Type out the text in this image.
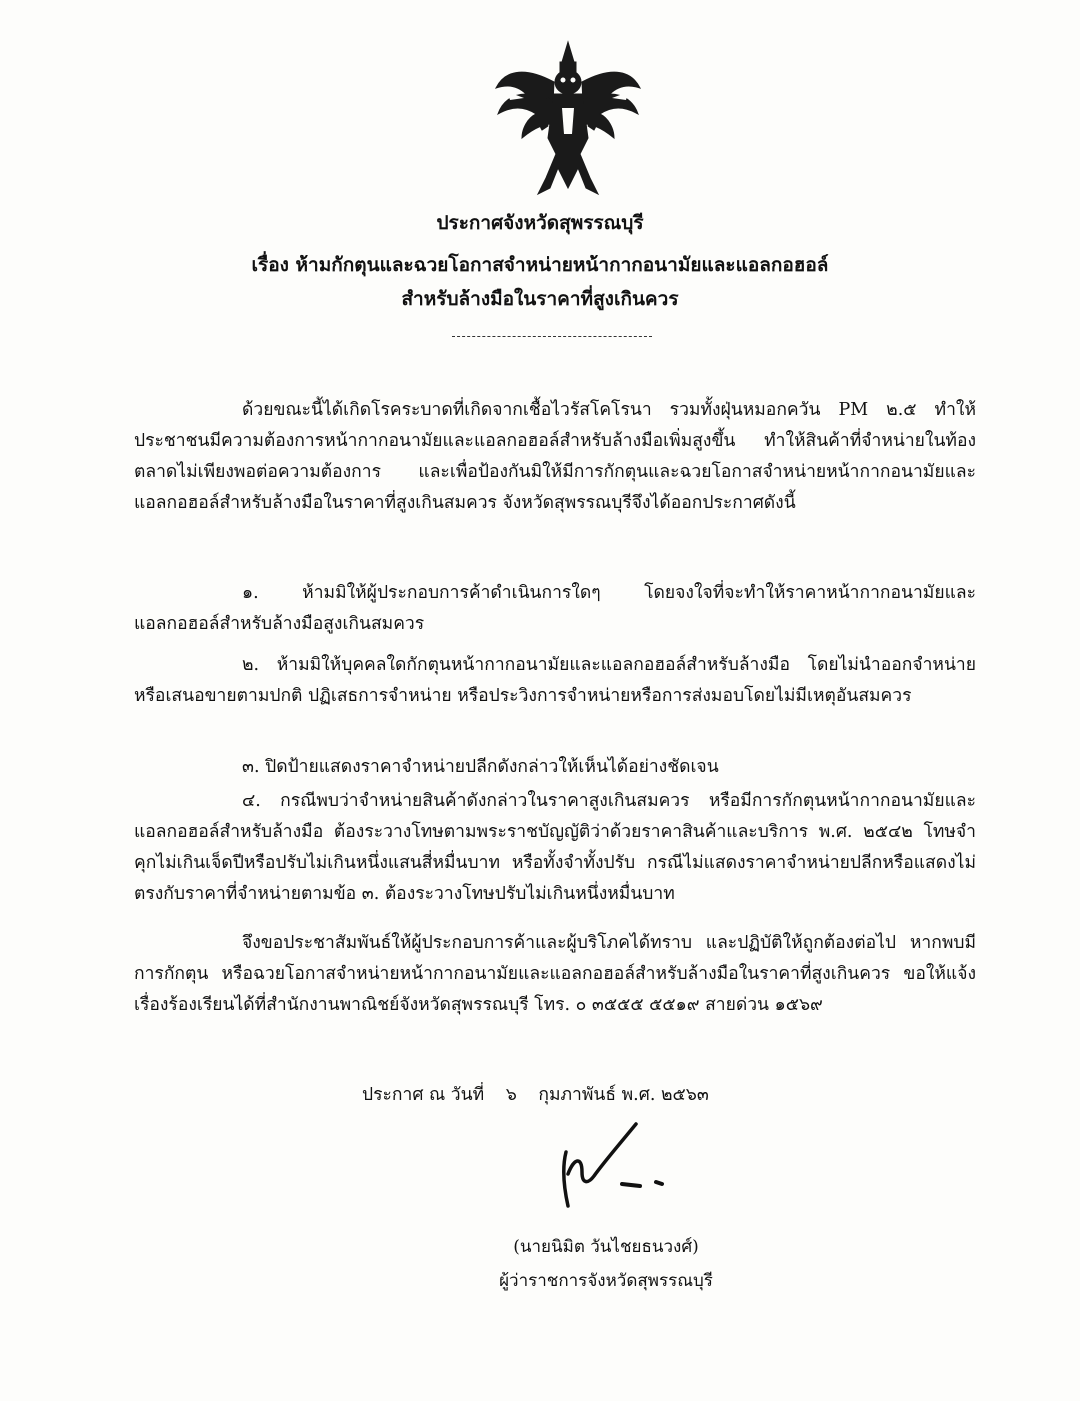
ประกาศจังหวัดสุพรรณบุรี
เรื่อง ห้ามกักตุนและฉวยโอกาสจำหน่ายหน้ากากอนามัยและแอลกอฮอล์
สำหรับล้างมือในราคาที่สูงเกินควร
ด้วยขณะนี้ได้เกิดโรคระบาดที่เกิดจากเชื้อไวรัสโคโรนา รวมทั้งฝุ่นหมอกควัน PM ๒.๕ ทำให้ประชาชนมีความต้องการหน้ากากอนามัยและแอลกอฮอล์สำหรับล้างมือเพิ่มสูงขึ้น ทำให้สินค้าที่จำหน่ายในท้องตลาดไม่เพียงพอต่อความต้องการ และเพื่อป้องกันมิให้มีการกักตุนและฉวยโอกาสจำหน่ายหน้ากากอนามัยและแอลกอฮอล์สำหรับล้างมือในราคาที่สูงเกินสมควร จังหวัดสุพรรณบุรีจึงได้ออกประกาศดังนี้
๑. ห้ามมิให้ผู้ประกอบการค้าดำเนินการใดๆ โดยจงใจที่จะทำให้ราคาหน้ากากอนามัยและแอลกอฮอล์สำหรับล้างมือสูงเกินสมควร
๒. ห้ามมิให้บุคคลใดกักตุนหน้ากากอนามัยและแอลกอฮอล์สำหรับล้างมือ โดยไม่นำออกจำหน่ายหรือเสนอขายตามปกติ ปฏิเสธการจำหน่าย หรือประวิงการจำหน่ายหรือการส่งมอบโดยไม่มีเหตุอันสมควร
๓. ปิดป้ายแสดงราคาจำหน่ายปลีกดังกล่าวให้เห็นได้อย่างชัดเจน
๔. กรณีพบว่าจำหน่ายสินค้าดังกล่าวในราคาสูงเกินสมควร หรือมีการกักตุนหน้ากากอนามัยและแอลกอฮอล์สำหรับล้างมือ ต้องระวางโทษตามพระราชบัญญัติว่าด้วยราคาสินค้าและบริการ พ.ศ. ๒๕๔๒ โทษจำคุกไม่เกินเจ็ดปีหรือปรับไม่เกินหนึ่งแสนสี่หมื่นบาท หรือทั้งจำทั้งปรับ กรณีไม่แสดงราคาจำหน่ายปลีกหรือแสดงไม่ตรงกับราคาที่จำหน่ายตามข้อ ๓. ต้องระวางโทษปรับไม่เกินหนึ่งหมื่นบาท
จึงขอประชาสัมพันธ์ให้ผู้ประกอบการค้าและผู้บริโภคได้ทราบ และปฏิบัติให้ถูกต้องต่อไป หากพบมีการกักตุน หรือฉวยโอกาสจำหน่ายหน้ากากอนามัยและแอลกอฮอล์สำหรับล้างมือในราคาที่สูงเกินควร ขอให้แจ้งเรื่องร้องเรียนได้ที่สำนักงานพาณิชย์จังหวัดสุพรรณบุรี โทร. ๐ ๓๕๕๕ ๕๕๑๙ สายด่วน ๑๕๖๙
ประกาศ ณ วันที่ ๖ กุมภาพันธ์ พ.ศ. ๒๕๖๓
(นายนิมิต วันไชยธนวงศ์)
ผู้ว่าราชการจังหวัดสุพรรณบุรี
